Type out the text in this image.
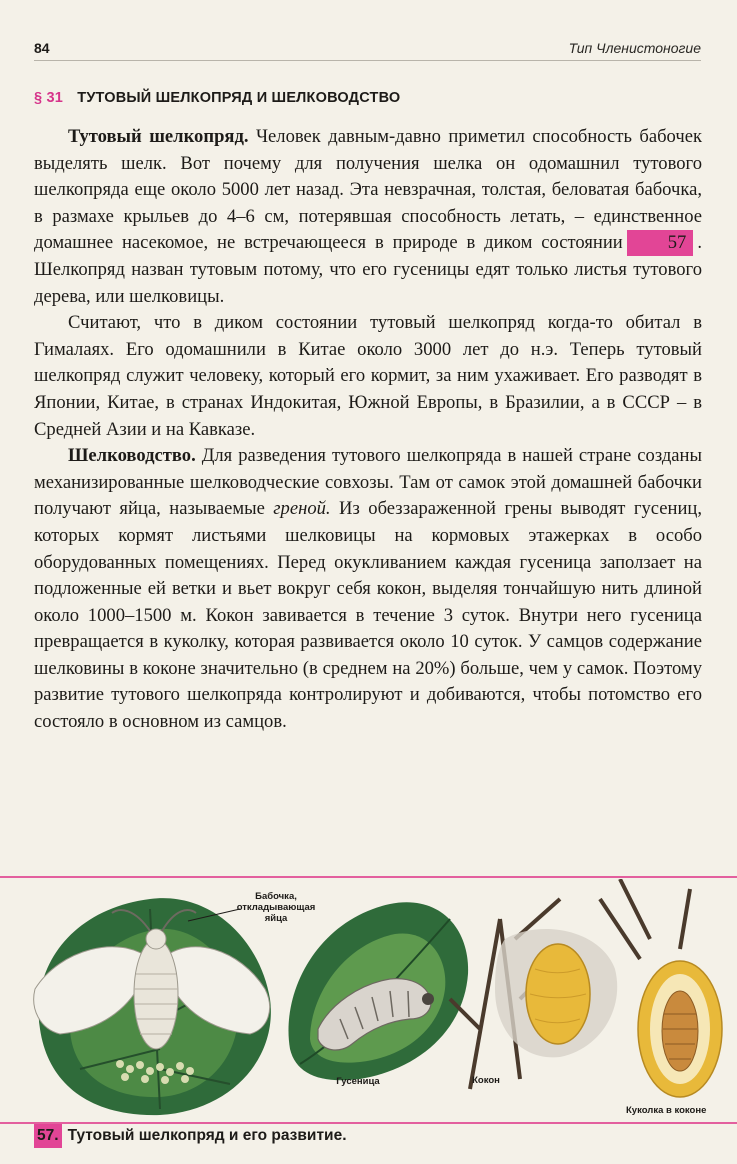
84	Тип Членистоногие
§ 31 ТУТОВЫЙ ШЕЛКОПРЯД И ШЕЛКОВОДСТВО

Тутовый шелкопряд. Человек давным-давно приметил способность бабочек выделять шелк. Вот почему для получения шелка он одомашнил тутового шелкопряда еще около 5000 лет назад. Эта невзрачная, толстая, беловатая бабочка, в размахе крыльев до 4–6 см, потерявшая способность летать, – единственное домашнее насекомое, не встречающееся в природе в диком состоянии 57 . Шелкопряд назван тутовым потому, что его гусеницы едят только листья тутового дерева, или шелковицы.

Считают, что в диком состоянии тутовый шелкопряд когда-то обитал в Гималаях. Его одомашнили в Китае около 3000 лет до н.э. Теперь тутовый шелкопряд служит человеку, который его кормит, за ним ухаживает. Его разводят в Японии, Китае, в странах Индокитая, Южной Европы, в Бразилии, а в СССР – в Средней Азии и на Кавказе.

Шелководство. Для разведения тутового шелкопряда в нашей стране созданы механизированные шелководческие совхозы. Там от самок этой домашней бабочки получают яйца, называемые греной. Из обеззараженной грены выводят гусениц, которых кормят листьями шелковицы на кормовых этажерках в особо оборудованных помещениях. Перед окукливанием каждая гусеница заползает на подложенные ей ветки и вьет вокруг себя кокон, выделяя тончайшую нить длиной около 1000–1500 м. Кокон завивается в течение 3 суток. Внутри него гусеница превращается в куколку, которая развивается около 10 суток. У самцов содержание шелковины в коконе значительно (в среднем на 20%) больше, чем у самок. Поэтому развитие тутового шелкопряда контролируют и добиваются, чтобы потомство его состояло в основном из самцов.

Бабочка,
откладывающая
яйца
Гусеница	Кокон
Куколка в коконе
57. Тутовый шелкопряд и его развитие.
